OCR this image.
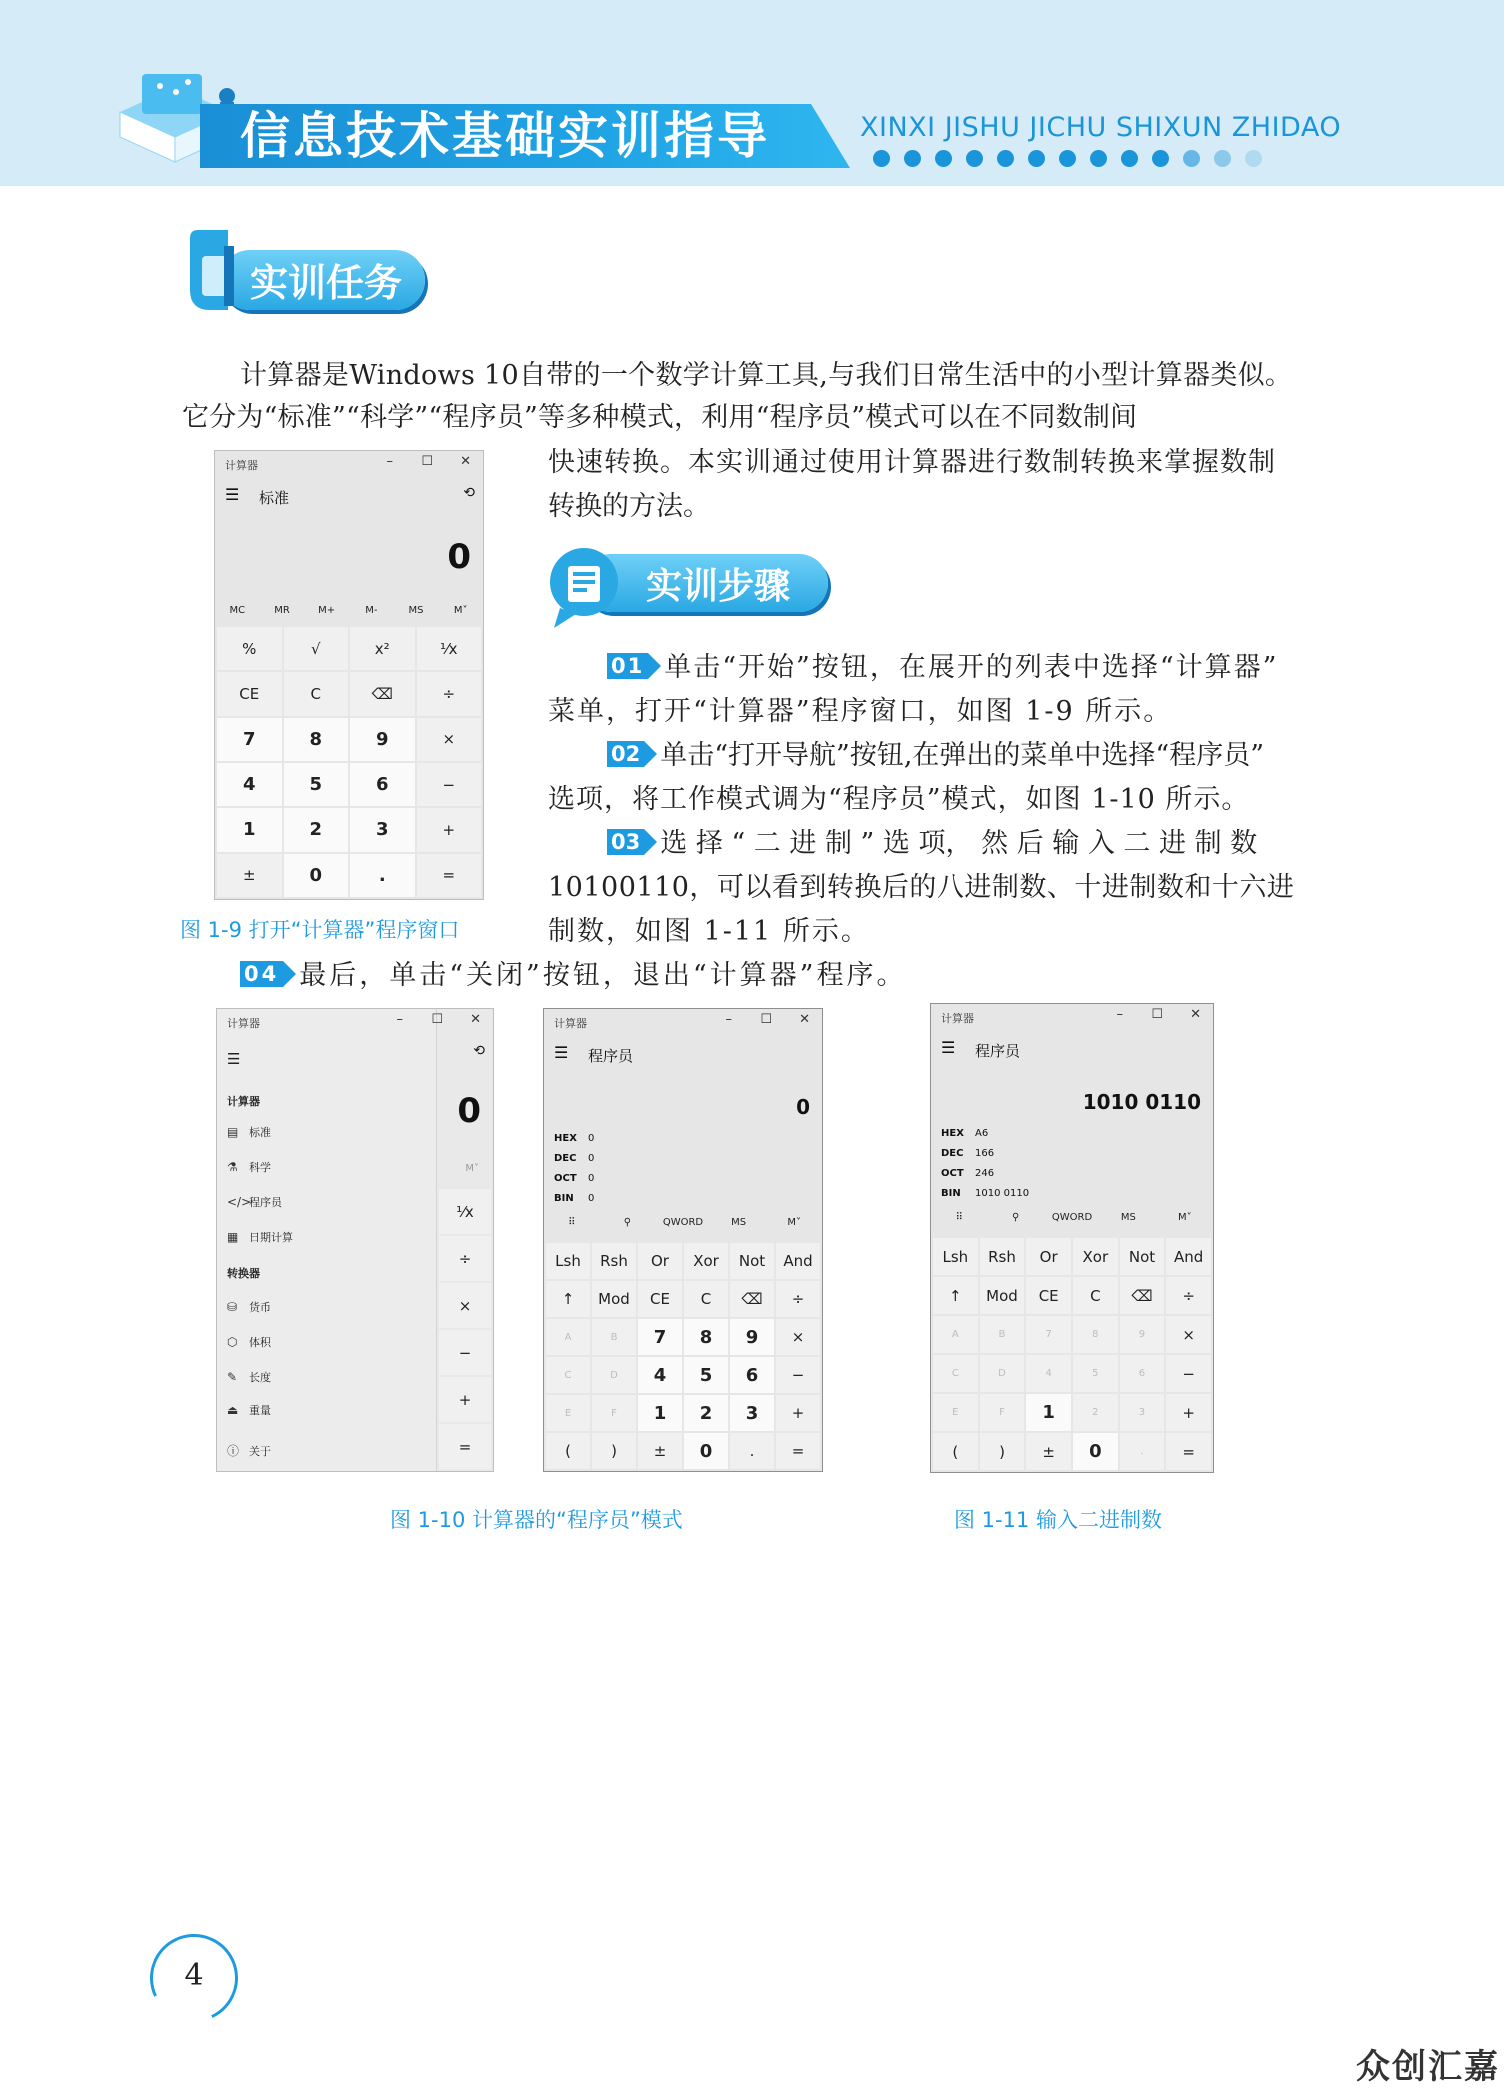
信息技术基础实训指导	XINXI JISHU JICHU SHIXUN ZHIDAO
实训任务
计算器是Windows 10自带的一个数学计算工具,与我们日常生活中的小型计算器类似。
它分为“标准”“科学”“程序员”等多种模式，利用“程序员”模式可以在不同数制间
快速转换。本实训通过使用计算器进行数制转换来掌握数制
转换的方法。
计算器	– ☐ ✕
☰ 标准	⟲
0
MC	MR	M+	M-	MS	M˅
%	√	x²	⅟x
CE	C	⌫	÷
7	8	9	×
4	5	6	−
1	2	3	+
±	0	.	=
图 1-9 打开“计算器”程序窗口
实训步骤
01 单击“开始”按钮，在展开的列表中选择“计算器”
菜单，打开“计算器”程序窗口，如图 1-9 所示。
02 单击“打开导航”按钮,在弹出的菜单中选择“程序员”
选项，将工作模式调为“程序员”模式，如图 1-10 所示。
03 选 择 “ 二 进 制 ” 选 项， 然 后 输 入 二 进 制 数
10100110，可以看到转换后的八进制数、十进制数和十六进
制数，如图 1-11 所示。
04 最后，单击“关闭”按钮，退出“计算器”程序。
计算器
☰
计算器
▤ 标准
⚗ 科学
</>程序员
▦ 日期计算
转换器
⛁ 货币
⬡ 体积
✎ 长度
⏏ 重量
ⓘ 关于
– ☐ ✕
⟲
0
M˅
⅟x
÷
×
−
+
=
计算器	– ☐ ✕
☰ 程序员
0
HEX 0
DEC 0
OCT 0
BIN 0
⠿	⚲	QWORD	MS	M˅
Lsh	Rsh	Or	Xor	Not	And
↑	Mod	CE	C	⌫	÷
A	B	7	8	9	×
C	D	4	5	6	−
E	F	1	2	3	+
(	)	±	0	.	=
图 1-10 计算器的“程序员”模式
计算器	– ☐ ✕
☰ 程序员
1010 0110
HEX A6
DEC 166
OCT 246
BIN 1010 0110
⠿	⚲	QWORD	MS	M˅
Lsh	Rsh	Or	Xor	Not	And
↑	Mod	CE	C	⌫	÷
A	B	7	8	9	×
C	D	4	5	6	−
E	F	1	2	3	+
(	)	±	0	.	=
图 1-11 输入二进制数
4
众创汇嘉
